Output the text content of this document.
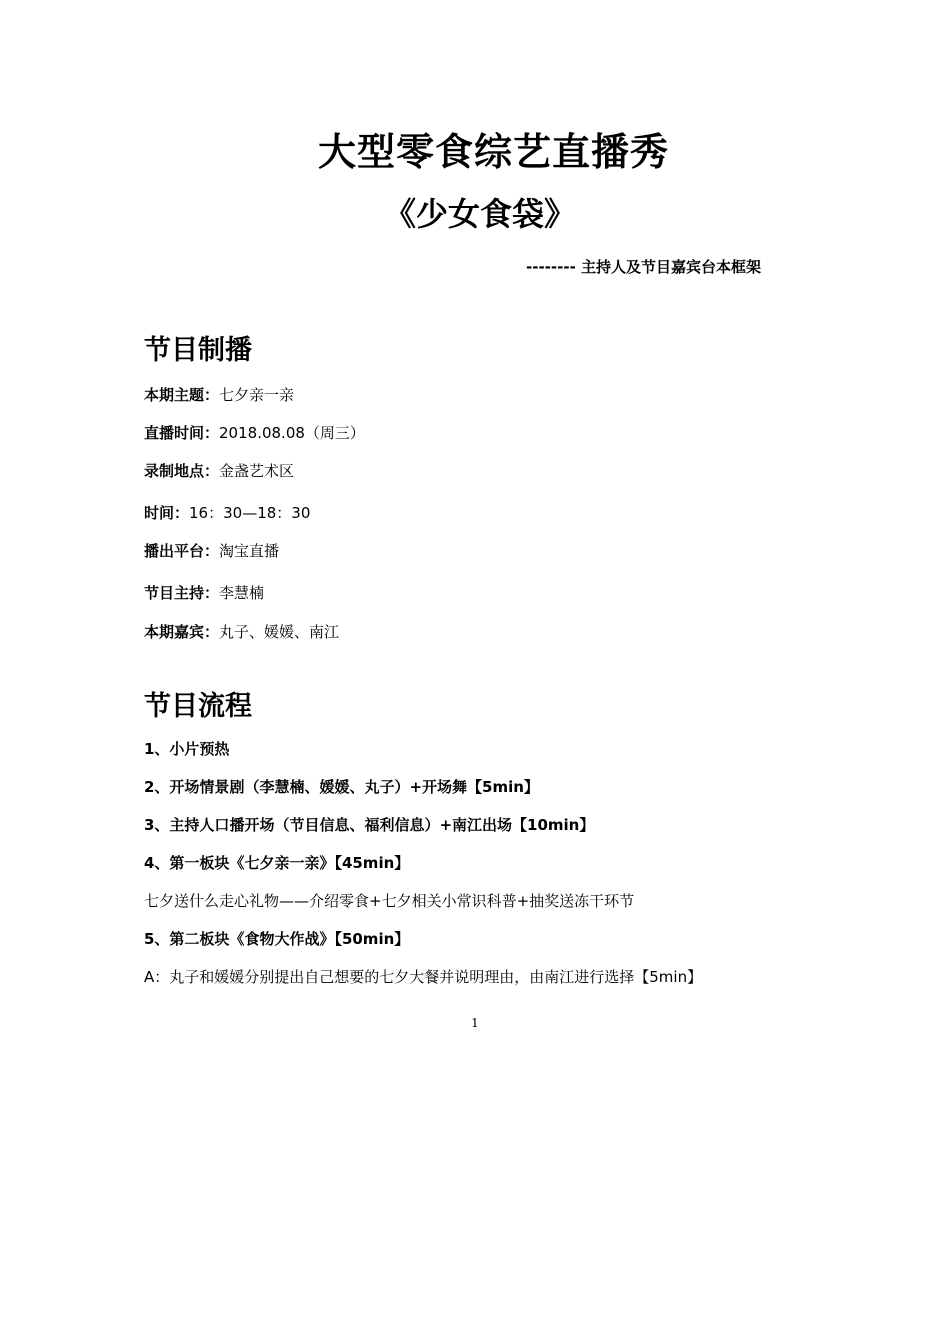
大型零食综艺直播秀
《少女食袋》
-------- 主持人及节目嘉宾台本框架
节目制播
本期主题：七夕亲一亲
直播时间：2018.08.08（周三）
录制地点：金盏艺术区
时间：16：30—18：30
播出平台：淘宝直播
节目主持：李慧楠
本期嘉宾：丸子、媛媛、南江
节目流程
1、小片预热
2、开场情景剧（李慧楠、媛媛、丸子）+开场舞【5min】
3、主持人口播开场（节目信息、福利信息）+南江出场【10min】
4、第一板块《七夕亲一亲》【45min】
七夕送什么走心礼物——介绍零食+七夕相关小常识科普+抽奖送冻干环节
5、第二板块《食物大作战》【50min】
A：丸子和媛媛分别提出自己想要的七夕大餐并说明理由，由南江进行选择【5min】
1
